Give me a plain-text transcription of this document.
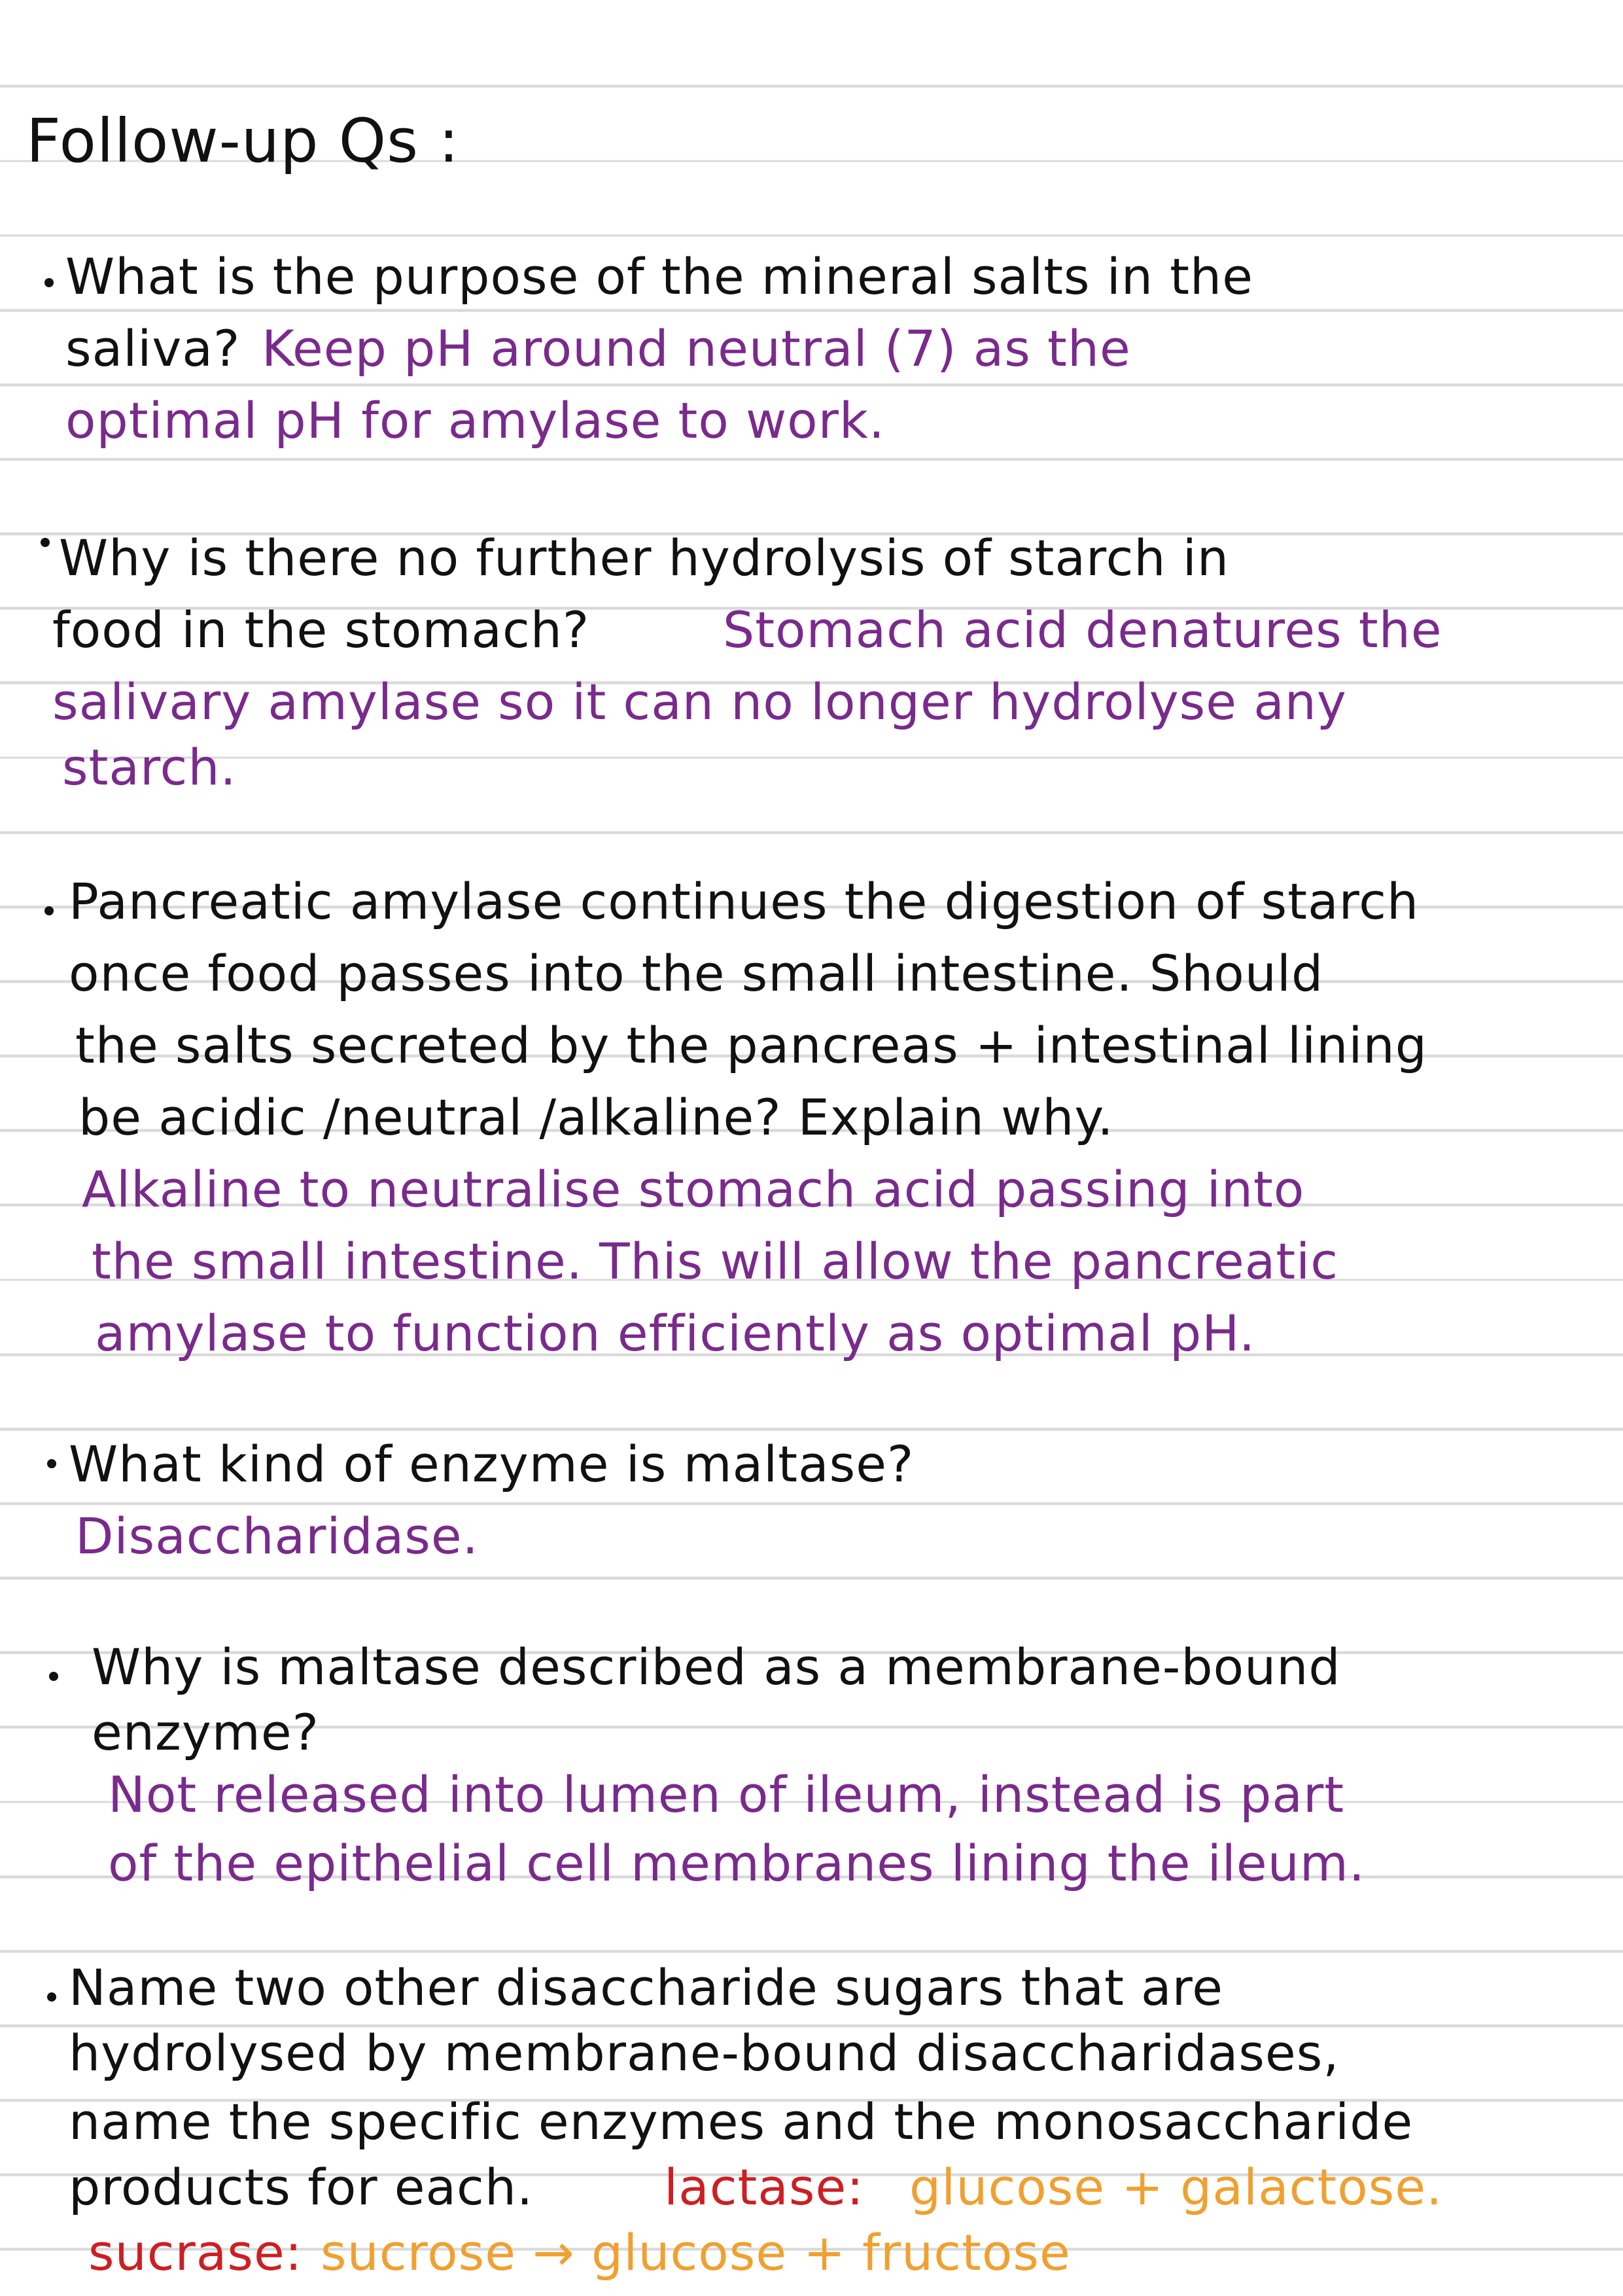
Follow-up Qs :
What is the purpose of the mineral salts in the
saliva? Keep pH around neutral (7) as the
optimal pH for amylase to work.
Why is there no further hydrolysis of starch in
food in the stomach?	Stomach acid denatures the
salivary amylase so it can no longer hydrolyse any
starch.
Pancreatic amylase continues the digestion of starch
once food passes into the small intestine. Should
the salts secreted by the pancreas + intestinal lining
be acidic /neutral /alkaline? Explain why.
Alkaline to neutralise stomach acid passing into
the small intestine. This will allow the pancreatic
amylase to function efficiently as optimal pH.
What kind of enzyme is maltase?
Disaccharidase.
Why is maltase described as a membrane-bound
enzyme?
Not released into lumen of ileum, instead is part
of the epithelial cell membranes lining the ileum.
Name two other disaccharide sugars that are
hydrolysed by membrane-bound disaccharidases,
name the specific enzymes and the monosaccharide
products for each.	lactase: glucose + galactose.
sucrase: sucrose → glucose + fructose
